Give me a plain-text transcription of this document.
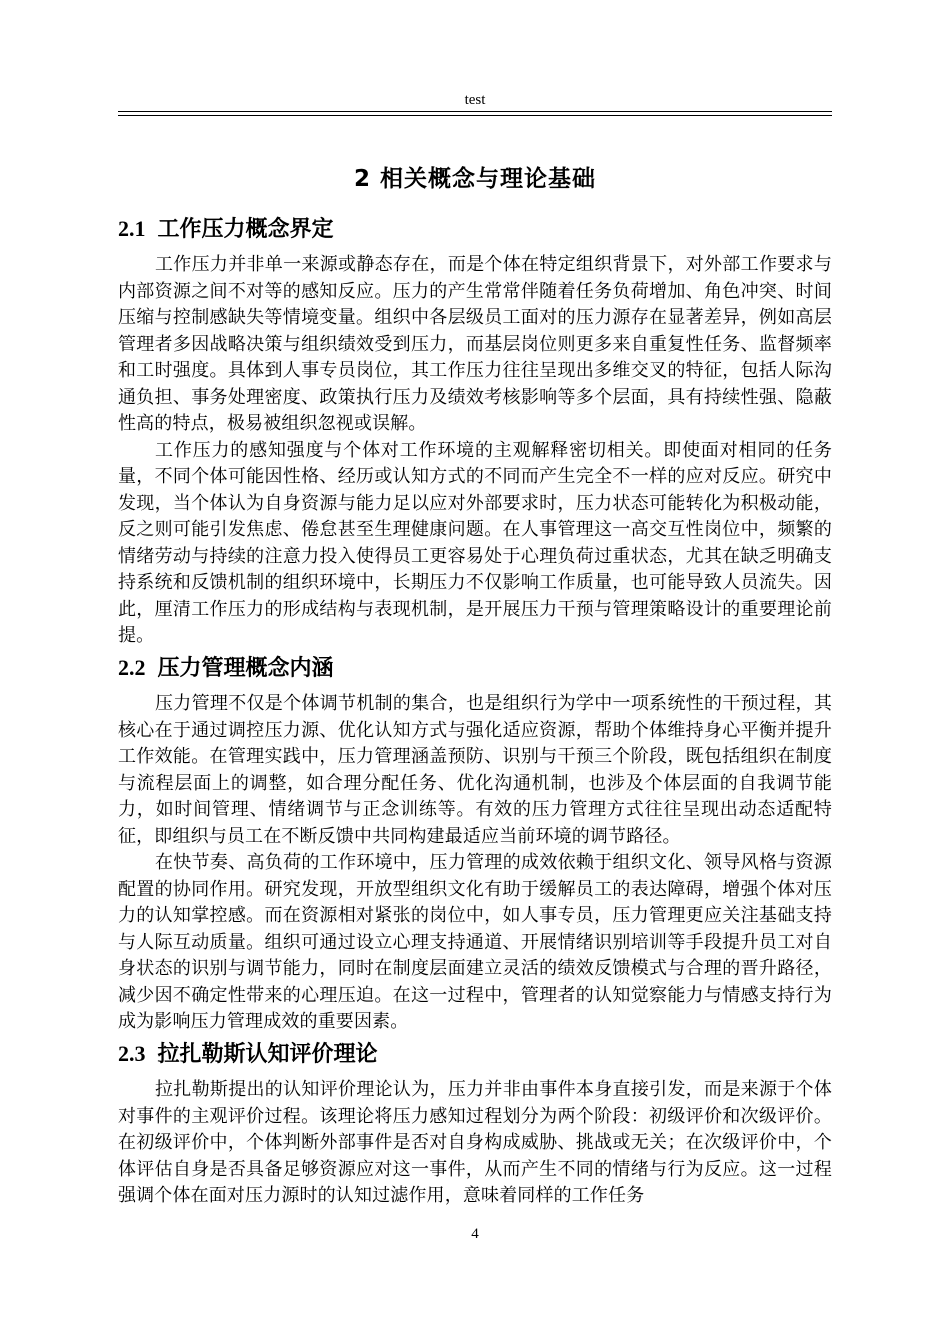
test
2 相关概念与理论基础
2.1 工作压力概念界定

工作压力并非单一来源或静态存在，而是个体在特定组织背景下，对外部工作要求与内部资源之间不对等的感知反应。压力的产生常常伴随着任务负荷增加、角色冲突、时间压缩与控制感缺失等情境变量。组织中各层级员工面对的压力源存在显著差异，例如高层管理者多因战略决策与组织绩效受到压力，而基层岗位则更多来自重复性任务、监督频率和工时强度。具体到人事专员岗位，其工作压力往往呈现出多维交叉的特征，包括人际沟通负担、事务处理密度、政策执行压力及绩效考核影响等多个层面，具有持续性强、隐蔽性高的特点，极易被组织忽视或误解。

工作压力的感知强度与个体对工作环境的主观解释密切相关。即使面对相同的任务量，不同个体可能因性格、经历或认知方式的不同而产生完全不一样的应对反应。研究中发现，当个体认为自身资源与能力足以应对外部要求时，压力状态可能转化为积极动能，反之则可能引发焦虑、倦怠甚至生理健康问题。在人事管理这一高交互性岗位中，频繁的情绪劳动与持续的注意力投入使得员工更容易处于心理负荷过重状态，尤其在缺乏明确支持系统和反馈机制的组织环境中，长期压力不仅影响工作质量，也可能导致人员流失。因此，厘清工作压力的形成结构与表现机制，是开展压力干预与管理策略设计的重要理论前提。

2.2 压力管理概念内涵

压力管理不仅是个体调节机制的集合，也是组织行为学中一项系统性的干预过程，其核心在于通过调控压力源、优化认知方式与强化适应资源，帮助个体维持身心平衡并提升工作效能。在管理实践中，压力管理涵盖预防、识别与干预三个阶段，既包括组织在制度与流程层面上的调整，如合理分配任务、优化沟通机制，也涉及个体层面的自我调节能力，如时间管理、情绪调节与正念训练等。有效的压力管理方式往往呈现出动态适配特征，即组织与员工在不断反馈中共同构建最适应当前环境的调节路径。

在快节奏、高负荷的工作环境中，压力管理的成效依赖于组织文化、领导风格与资源配置的协同作用。研究发现，开放型组织文化有助于缓解员工的表达障碍，增强个体对压力的认知掌控感。而在资源相对紧张的岗位中，如人事专员，压力管理更应关注基础支持与人际互动质量。组织可通过设立心理支持通道、开展情绪识别培训等手段提升员工对自身状态的识别与调节能力，同时在制度层面建立灵活的绩效反馈模式与合理的晋升路径，减少因不确定性带来的心理压迫。在这一过程中，管理者的认知觉察能力与情感支持行为成为影响压力管理成效的重要因素。

2.3 拉扎勒斯认知评价理论

拉扎勒斯提出的认知评价理论认为，压力并非由事件本身直接引发，而是来源于个体对事件的主观评价过程。该理论将压力感知过程划分为两个阶段：初级评价和次级评价。在初级评价中，个体判断外部事件是否对自身构成威胁、挑战或无关；在次级评价中，个体评估自身是否具备足够资源应对这一事件，从而产生不同的情绪与行为反应。这一过程强调个体在面对压力源时的认知过滤作用，意味着同样的工作任务

4
